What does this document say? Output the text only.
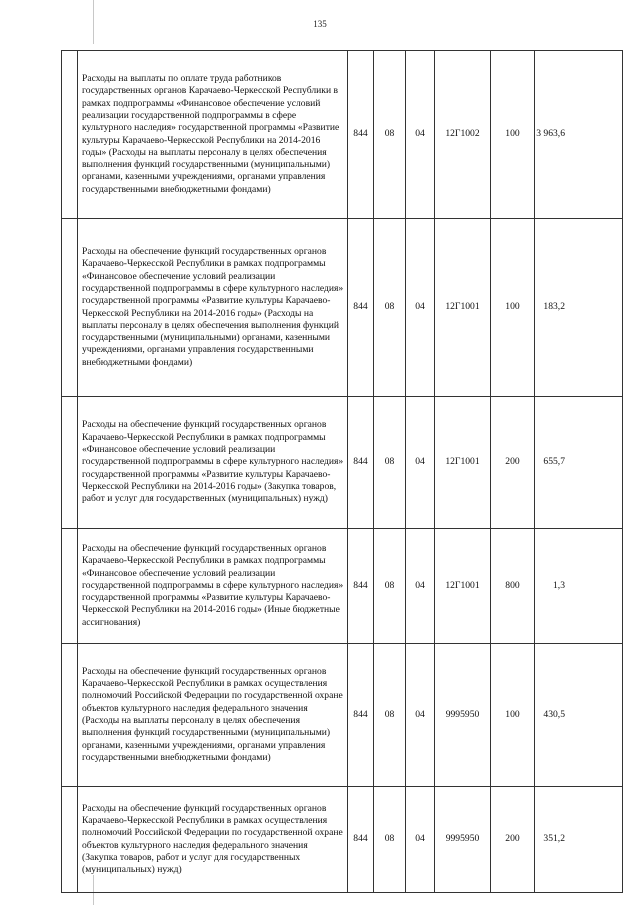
135
	Расходы на выплаты по оплате труда работников государственных органов Карачаево-Черкесской Республики в рамках подпрограммы «Финансовое обеспечение условий реализации государственной подпрограммы в сфере культурного наследия» государственной программы «Развитие культуры Карачаево-Черкесской Республики на 2014-2016 годы» (Расходы на выплаты персоналу в целях обеспечения выполнения функций государственными (муниципальными) органами, казенными учреждениями, органами управления государственными внебюджетными фондами)	844	08	04	12Г1002	100	3 963,6
	Расходы на обеспечение функций государственных органов Карачаево-Черкесской Республики в рамках подпрограммы «Финансовое обеспечение условий реализации государственной подпрограммы в сфере культурного наследия» государственной программы «Развитие культуры Карачаево-Черкесской Республики на 2014-2016 годы» (Расходы на выплаты персоналу в целях обеспечения выполнения функций государственными (муниципальными) органами, казенными учреждениями, органами управления государственными внебюджетными фондами)	844	08	04	12Г1001	100	183,2
	Расходы на обеспечение функций государственных органов Карачаево-Черкесской Республики в рамках подпрограммы «Финансовое обеспечение условий реализации государственной подпрограммы в сфере культурного наследия» государственной программы «Развитие культуры Карачаево-Черкесской Республики на 2014-2016 годы» (Закупка товаров, работ и услуг для государственных (муниципальных) нужд)	844	08	04	12Г1001	200	655,7
	Расходы на обеспечение функций государственных органов Карачаево-Черкесской Республики в рамках подпрограммы «Финансовое обеспечение условий реализации государственной подпрограммы в сфере культурного наследия» государственной программы «Развитие культуры Карачаево-Черкесской Республики на 2014-2016 годы» (Иные бюджетные ассигнования)	844	08	04	12Г1001	800	1,3
	Расходы на обеспечение функций государственных органов Карачаево-Черкесской Республики в рамках осуществления полномочий Российской Федерации по государственной охране объектов культурного наследия федерального значения (Расходы на выплаты персоналу в целях обеспечения выполнения функций государственными (муниципальными) органами, казенными учреждениями, органами управления государственными внебюджетными фондами)	844	08	04	9995950	100	430,5
	Расходы на обеспечение функций государственных органов Карачаево-Черкесской Республики в рамках осуществления полномочий Российской Федерации по государственной охране объектов культурного наследия федерального значения (Закупка товаров, работ и услуг для государственных (муниципальных) нужд)	844	08	04	9995950	200	351,2
